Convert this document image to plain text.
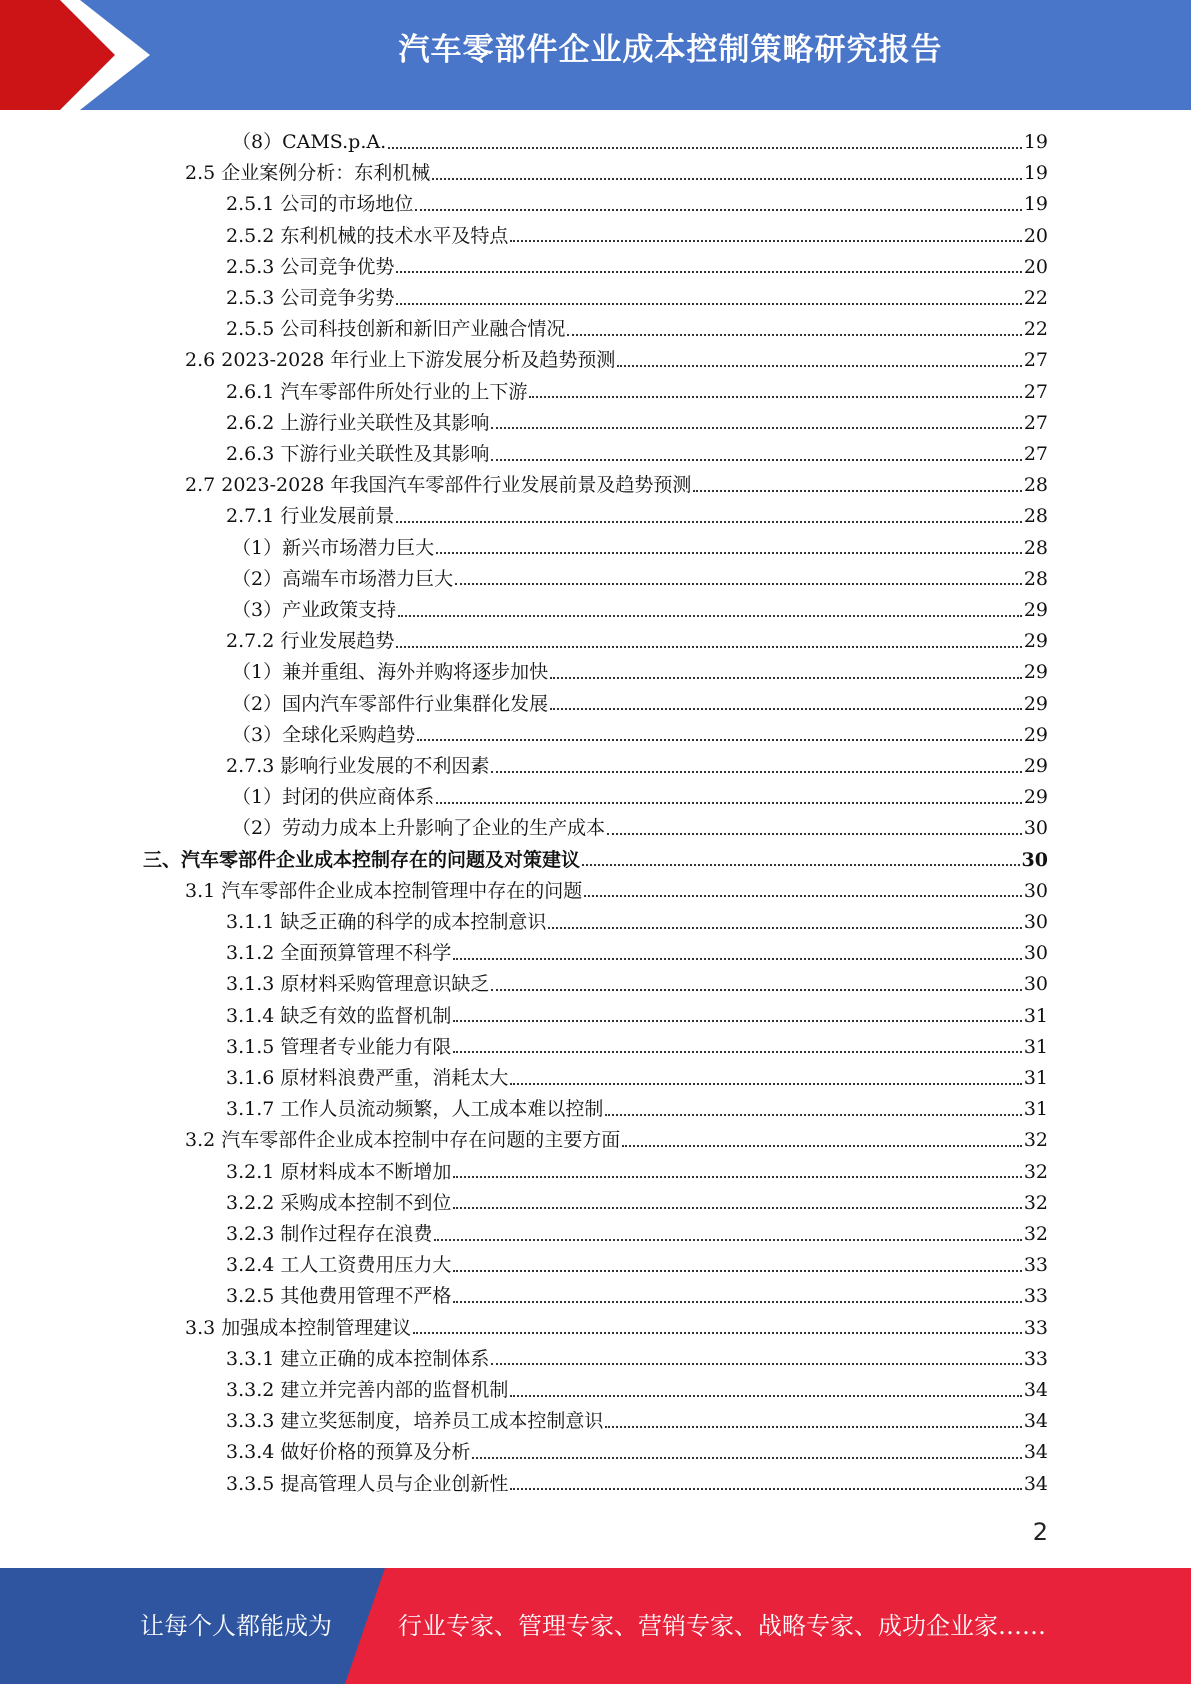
汽车零部件企业成本控制策略研究报告
（8）CAMS.p.A.	19
2.5 企业案例分析：东利机械	19
2.5.1 公司的市场地位	19
2.5.2 东利机械的技术水平及特点	20
2.5.3 公司竞争优势	20
2.5.3 公司竞争劣势	22
2.5.5 公司科技创新和新旧产业融合情况	22
2.6 2023-2028 年行业上下游发展分析及趋势预测	27
2.6.1 汽车零部件所处行业的上下游	27
2.6.2 上游行业关联性及其影响	27
2.6.3 下游行业关联性及其影响	27
2.7 2023-2028 年我国汽车零部件行业发展前景及趋势预测	28
2.7.1 行业发展前景	28
（1）新兴市场潜力巨大	28
（2）高端车市场潜力巨大	28
（3）产业政策支持	29
2.7.2 行业发展趋势	29
（1）兼并重组、海外并购将逐步加快	29
（2）国内汽车零部件行业集群化发展	29
（3）全球化采购趋势	29
2.7.3 影响行业发展的不利因素	29
（1）封闭的供应商体系	29
（2）劳动力成本上升影响了企业的生产成本	30
三、汽车零部件企业成本控制存在的问题及对策建议	30
3.1 汽车零部件企业成本控制管理中存在的问题	30
3.1.1 缺乏正确的科学的成本控制意识	30
3.1.2 全面预算管理不科学	30
3.1.3 原材料采购管理意识缺乏	30
3.1.4 缺乏有效的监督机制	31
3.1.5 管理者专业能力有限	31
3.1.6 原材料浪费严重，消耗太大	31
3.1.7 工作人员流动频繁，人工成本难以控制	31
3.2 汽车零部件企业成本控制中存在问题的主要方面	32
3.2.1 原材料成本不断增加	32
3.2.2 采购成本控制不到位	32
3.2.3 制作过程存在浪费	32
3.2.4 工人工资费用压力大	33
3.2.5 其他费用管理不严格	33
3.3 加强成本控制管理建议	33
3.3.1 建立正确的成本控制体系	33
3.3.2 建立并完善内部的监督机制	34
3.3.3 建立奖惩制度，培养员工成本控制意识	34
3.3.4 做好价格的预算及分析	34
3.3.5 提高管理人员与企业创新性	34
2
让每个人都能成为	行业专家、管理专家、营销专家、战略专家、成功企业家……
